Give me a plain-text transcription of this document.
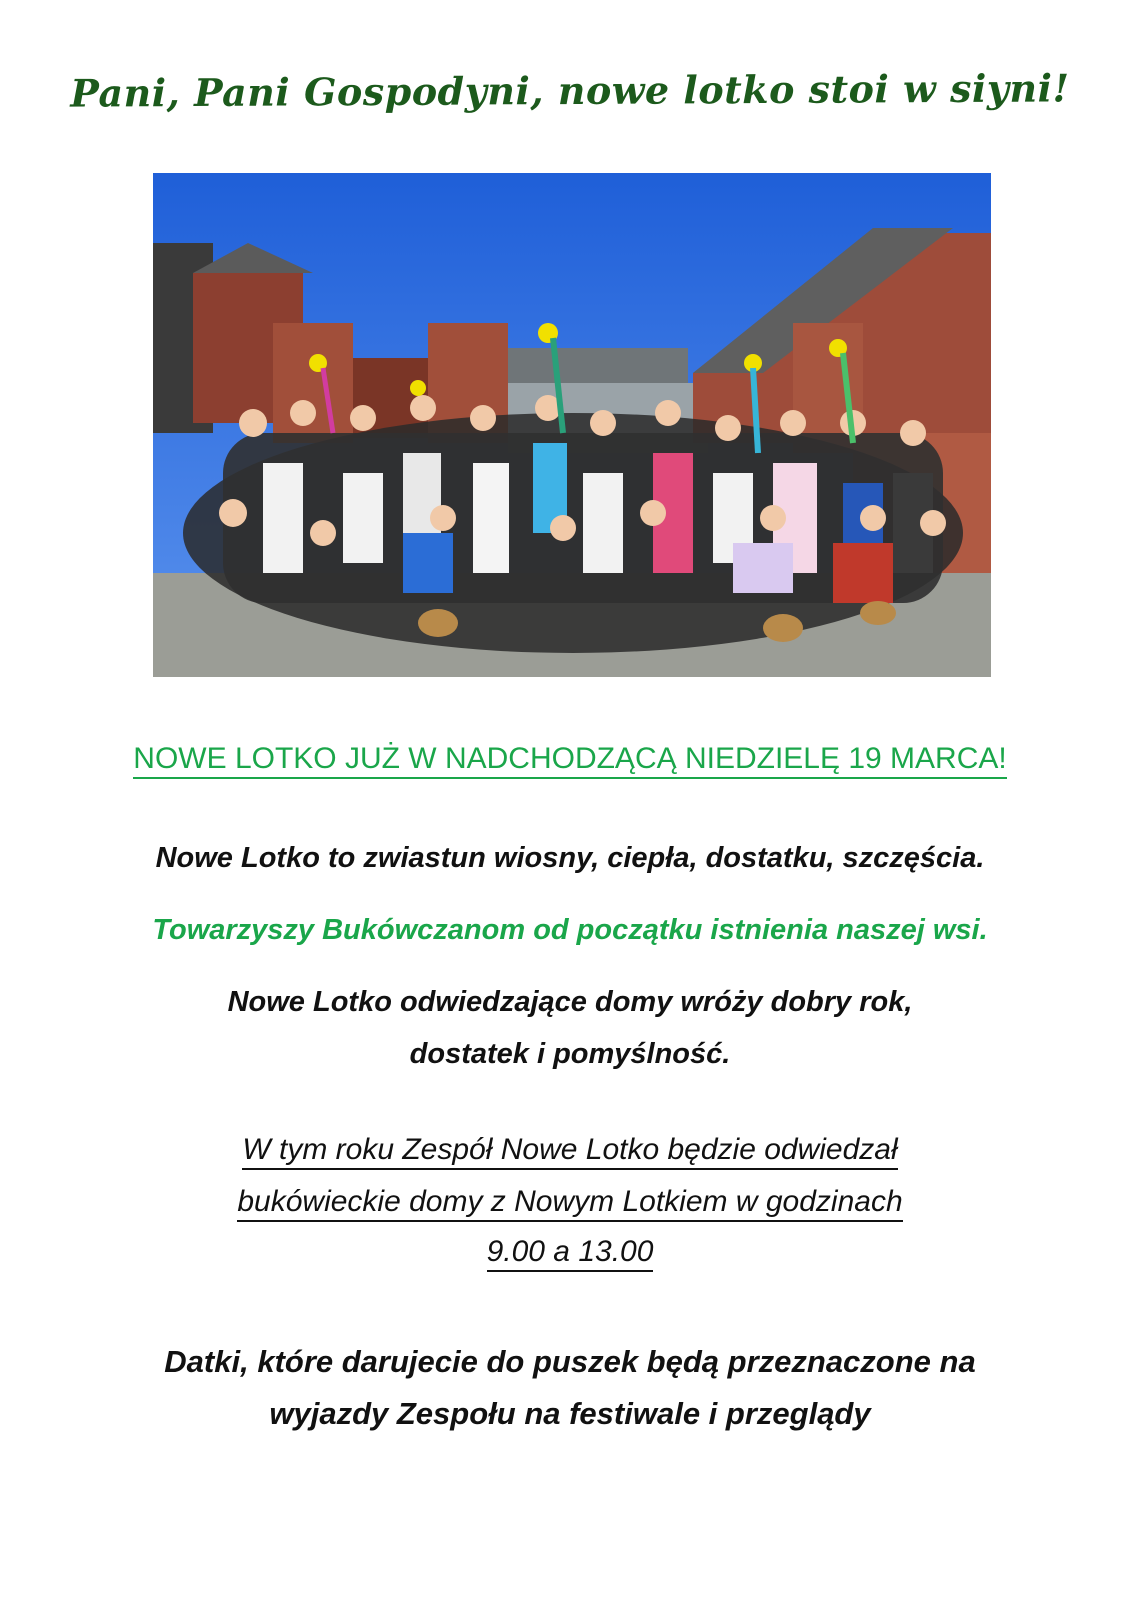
Pani, Pani Gospodyni, nowe lotko stoi w siyni!
NOWE LOTKO JUŻ W NADCHODZĄCĄ NIEDZIELĘ 19 MARCA!
Nowe Lotko to zwiastun wiosny, ciepła, dostatku, szczęścia.
Towarzyszy Bukówczanom od początku istnienia naszej wsi.
Nowe Lotko odwiedzające domy wróży dobry rok,
dostatek i pomyślność.
W tym roku Zespół Nowe Lotko będzie odwiedzał
bukówieckie domy z Nowym Lotkiem w godzinach
9.00 a 13.00
Datki, które darujecie do puszek będą przeznaczone na
wyjazdy Zespołu na festiwale i przeglądy
